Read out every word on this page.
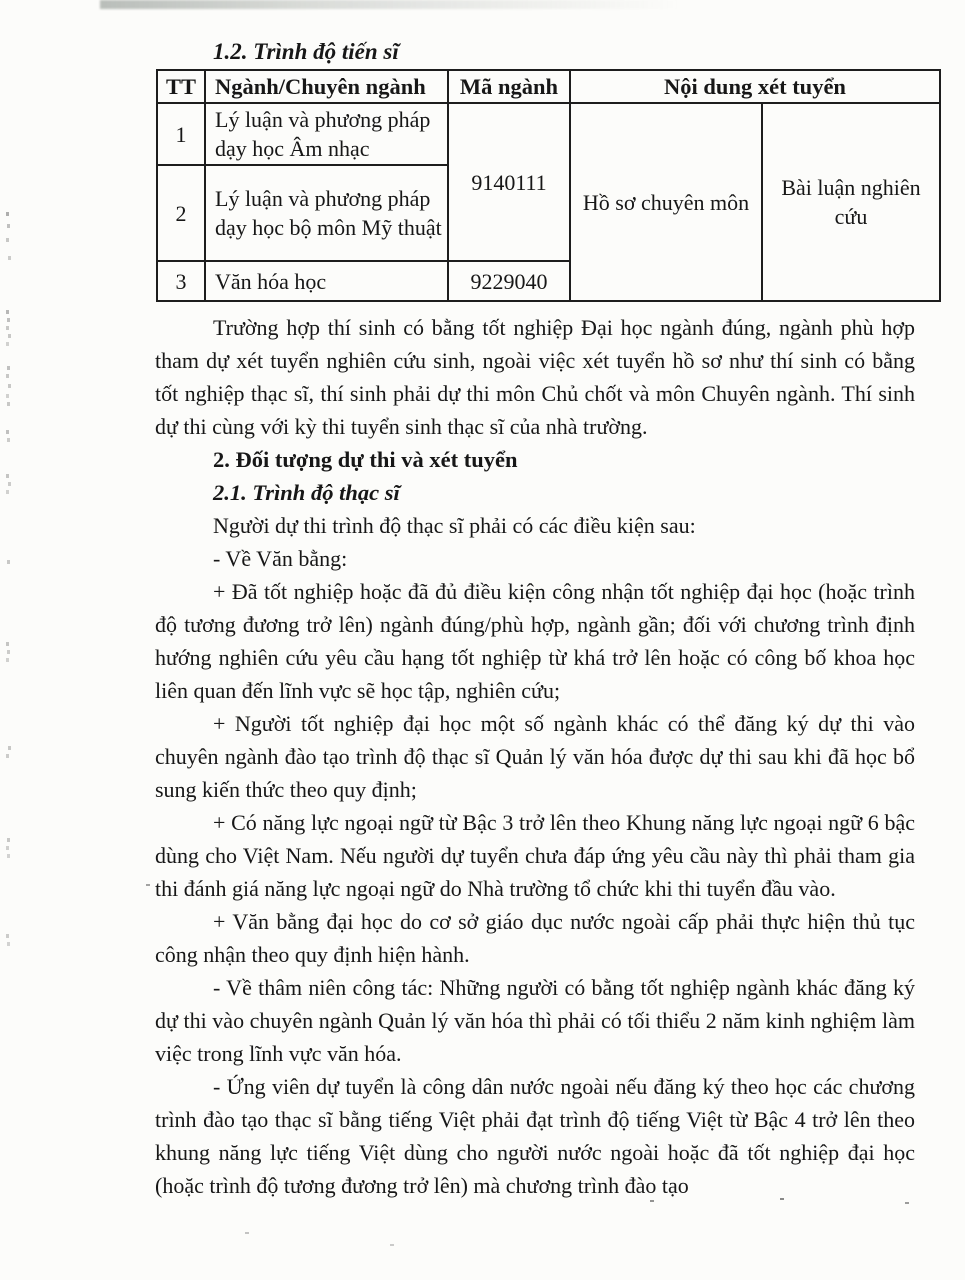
1.2. Trình độ tiến sĩ
TT	Ngành/Chuyên ngành	Mã ngành	Nội dung xét tuyển	
1	Lý luận và phương pháp dạy học Âm nhạc	9140111	Hồ sơ chuyên môn	Bài luận nghiên cứu
2	Lý luận và phương pháp dạy học bộ môn Mỹ thuật			
3	Văn hóa học	9229040		

Trường hợp thí sinh có bằng tốt nghiệp Đại học ngành đúng, ngành phù hợp tham dự xét tuyển nghiên cứu sinh, ngoài việc xét tuyển hồ sơ như thí sinh có bằng tốt nghiệp thạc sĩ, thí sinh phải dự thi môn Chủ chốt và môn Chuyên ngành. Thí sinh dự thi cùng với kỳ thi tuyển sinh thạc sĩ của nhà trường.

2. Đối tượng dự thi và xét tuyển

2.1. Trình độ thạc sĩ

Người dự thi trình độ thạc sĩ phải có các điều kiện sau:

- Về Văn bằng:

+ Đã tốt nghiệp hoặc đã đủ điều kiện công nhận tốt nghiệp đại học (hoặc trình độ tương đương trở lên) ngành đúng/phù hợp, ngành gần; đối với chương trình định hướng nghiên cứu yêu cầu hạng tốt nghiệp từ khá trở lên hoặc có công bố khoa học liên quan đến lĩnh vực sẽ học tập, nghiên cứu;

+ Người tốt nghiệp đại học một số ngành khác có thể đăng ký dự thi vào chuyên ngành đào tạo trình độ thạc sĩ Quản lý văn hóa được dự thi sau khi đã học bổ sung kiến thức theo quy định;

+ Có năng lực ngoại ngữ từ Bậc 3 trở lên theo Khung năng lực ngoại ngữ 6 bậc dùng cho Việt Nam. Nếu người dự tuyển chưa đáp ứng yêu cầu này thì phải tham gia thi đánh giá năng lực ngoại ngữ do Nhà trường tổ chức khi thi tuyển đầu vào.

+ Văn bằng đại học do cơ sở giáo dục nước ngoài cấp phải thực hiện thủ tục công nhận theo quy định hiện hành.

- Về thâm niên công tác: Những người có bằng tốt nghiệp ngành khác đăng ký dự thi vào chuyên ngành Quản lý văn hóa thì phải có tối thiểu 2 năm kinh nghiệm làm việc trong lĩnh vực văn hóa.

- Ứng viên dự tuyển là công dân nước ngoài nếu đăng ký theo học các chương trình đào tạo thạc sĩ bằng tiếng Việt phải đạt trình độ tiếng Việt từ Bậc 4 trở lên theo khung năng lực tiếng Việt dùng cho người nước ngoài hoặc đã tốt nghiệp đại học (hoặc trình độ tương đương trở lên) mà chương trình đào tạo
